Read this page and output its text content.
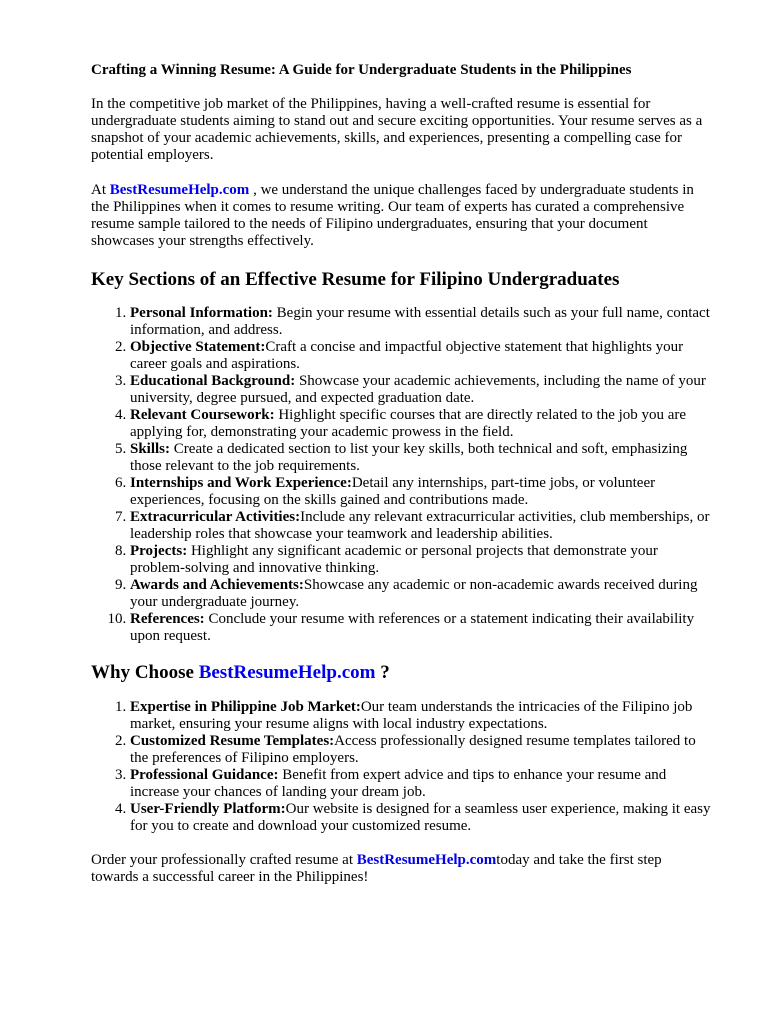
Crafting a Winning Resume: A Guide for Undergraduate Students in the Philippines

In the competitive job market of the Philippines, having a well-crafted resume is essential for undergraduate students aiming to stand out and secure exciting opportunities. Your resume serves as a snapshot of your academic achievements, skills, and experiences, presenting a compelling case for potential employers.

At BestResumeHelp.com , we understand the unique challenges faced by undergraduate students in the Philippines when it comes to resume writing. Our team of experts has curated a comprehensive resume sample tailored to the needs of Filipino undergraduates, ensuring that your document showcases your strengths effectively.

Key Sections of an Effective Resume for Filipino Undergraduates
1. Personal Information: Begin your resume with essential details such as your full name, contact information, and address.
2. Objective Statement:Craft a concise and impactful objective statement that highlights your career goals and aspirations.
3. Educational Background: Showcase your academic achievements, including the name of your university, degree pursued, and expected graduation date.
4. Relevant Coursework: Highlight specific courses that are directly related to the job you are applying for, demonstrating your academic prowess in the field.
5. Skills: Create a dedicated section to list your key skills, both technical and soft, emphasizing those relevant to the job requirements.
6. Internships and Work Experience:Detail any internships, part-time jobs, or volunteer experiences, focusing on the skills gained and contributions made.
7. Extracurricular Activities:Include any relevant extracurricular activities, club memberships, or leadership roles that showcase your teamwork and leadership abilities.
8. Projects: Highlight any significant academic or personal projects that demonstrate your problem-solving and innovative thinking.
9. Awards and Achievements:Showcase any academic or non-academic awards received during your undergraduate journey.
10. References: Conclude your resume with references or a statement indicating their availability upon request.
Why Choose BestResumeHelp.com ?
1. Expertise in Philippine Job Market:Our team understands the intricacies of the Filipino job market, ensuring your resume aligns with local industry expectations.
2. Customized Resume Templates:Access professionally designed resume templates tailored to the preferences of Filipino employers.
3. Professional Guidance: Benefit from expert advice and tips to enhance your resume and increase your chances of landing your dream job.
4. User-Friendly Platform:Our website is designed for a seamless user experience, making it easy for you to create and download your customized resume.

Order your professionally crafted resume at BestResumeHelp.comtoday and take the first step towards a successful career in the Philippines!
